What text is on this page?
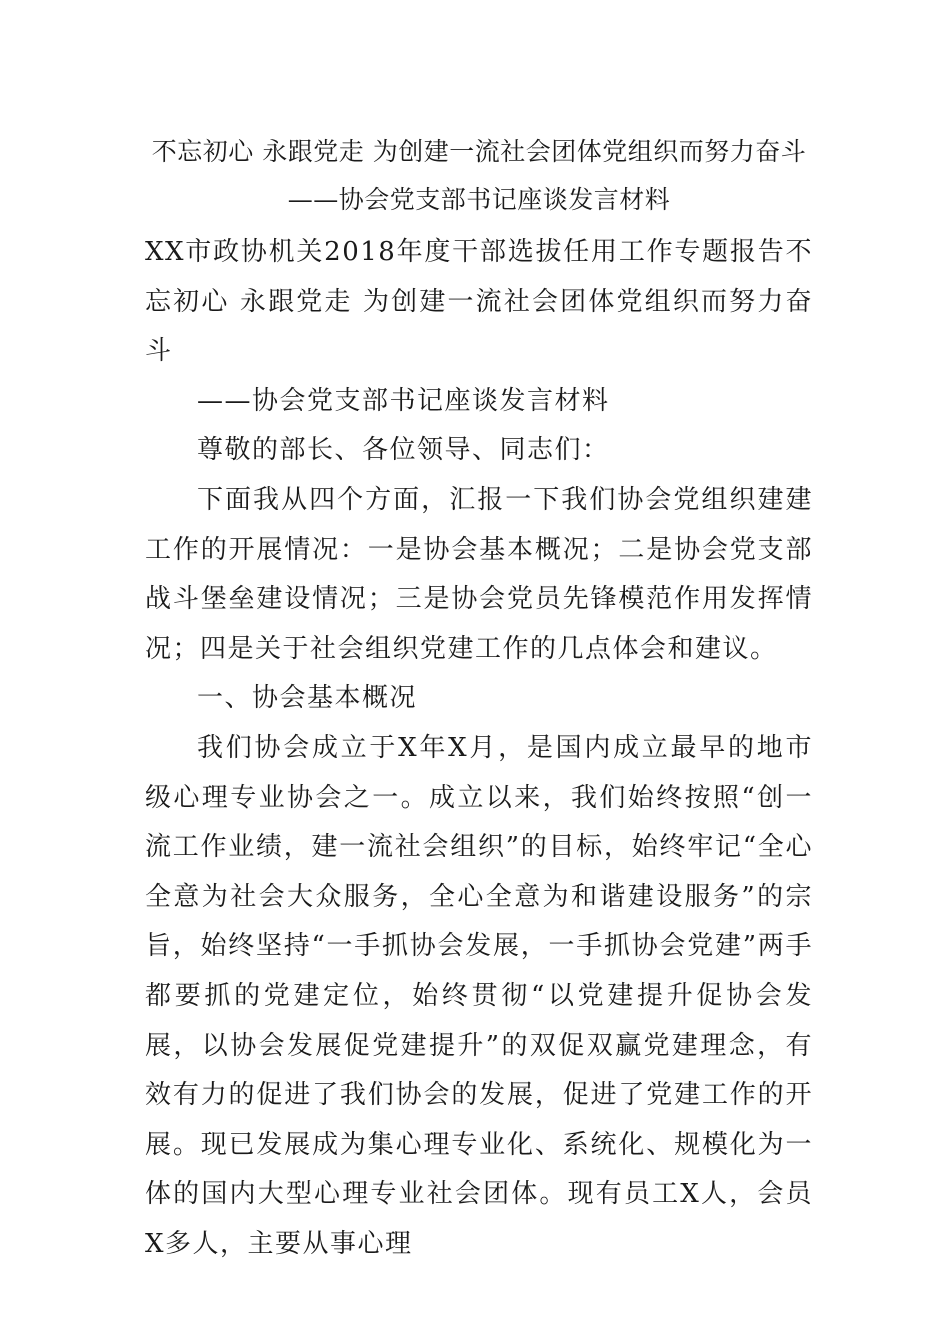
不忘初心 永跟党走 为创建一流社会团体党组织而努力奋斗——协会党支部书记座谈发言材料

XX市政协机关2018年度干部选拔任用工作专题报告不忘初心 永跟党走 为创建一流社会团体党组织而努力奋斗

——协会党支部书记座谈发言材料

尊敬的部长、各位领导、同志们：

下面我从四个方面，汇报一下我们协会党组织建建工作的开展情况：一是协会基本概况；二是协会党支部战斗堡垒建设情况；三是协会党员先锋模范作用发挥情况；四是关于社会组织党建工作的几点体会和建议。

一、协会基本概况

我们协会成立于X年X月，是国内成立最早的地市级心理专业协会之一。成立以来，我们始终按照“创一流工作业绩，建一流社会组织”的目标，始终牢记“全心全意为社会大众服务，全心全意为和谐建设服务”的宗旨，始终坚持“一手抓协会发展，一手抓协会党建”两手都要抓的党建定位，始终贯彻“以党建提升促协会发展，以协会发展促党建提升”的双促双赢党建理念，有效有力的促进了我们协会的发展，促进了党建工作的开展。现已发展成为集心理专业化、系统化、规模化为一体的国内大型心理专业社会团体。现有员工X人，会员X多人，主要从事心理
